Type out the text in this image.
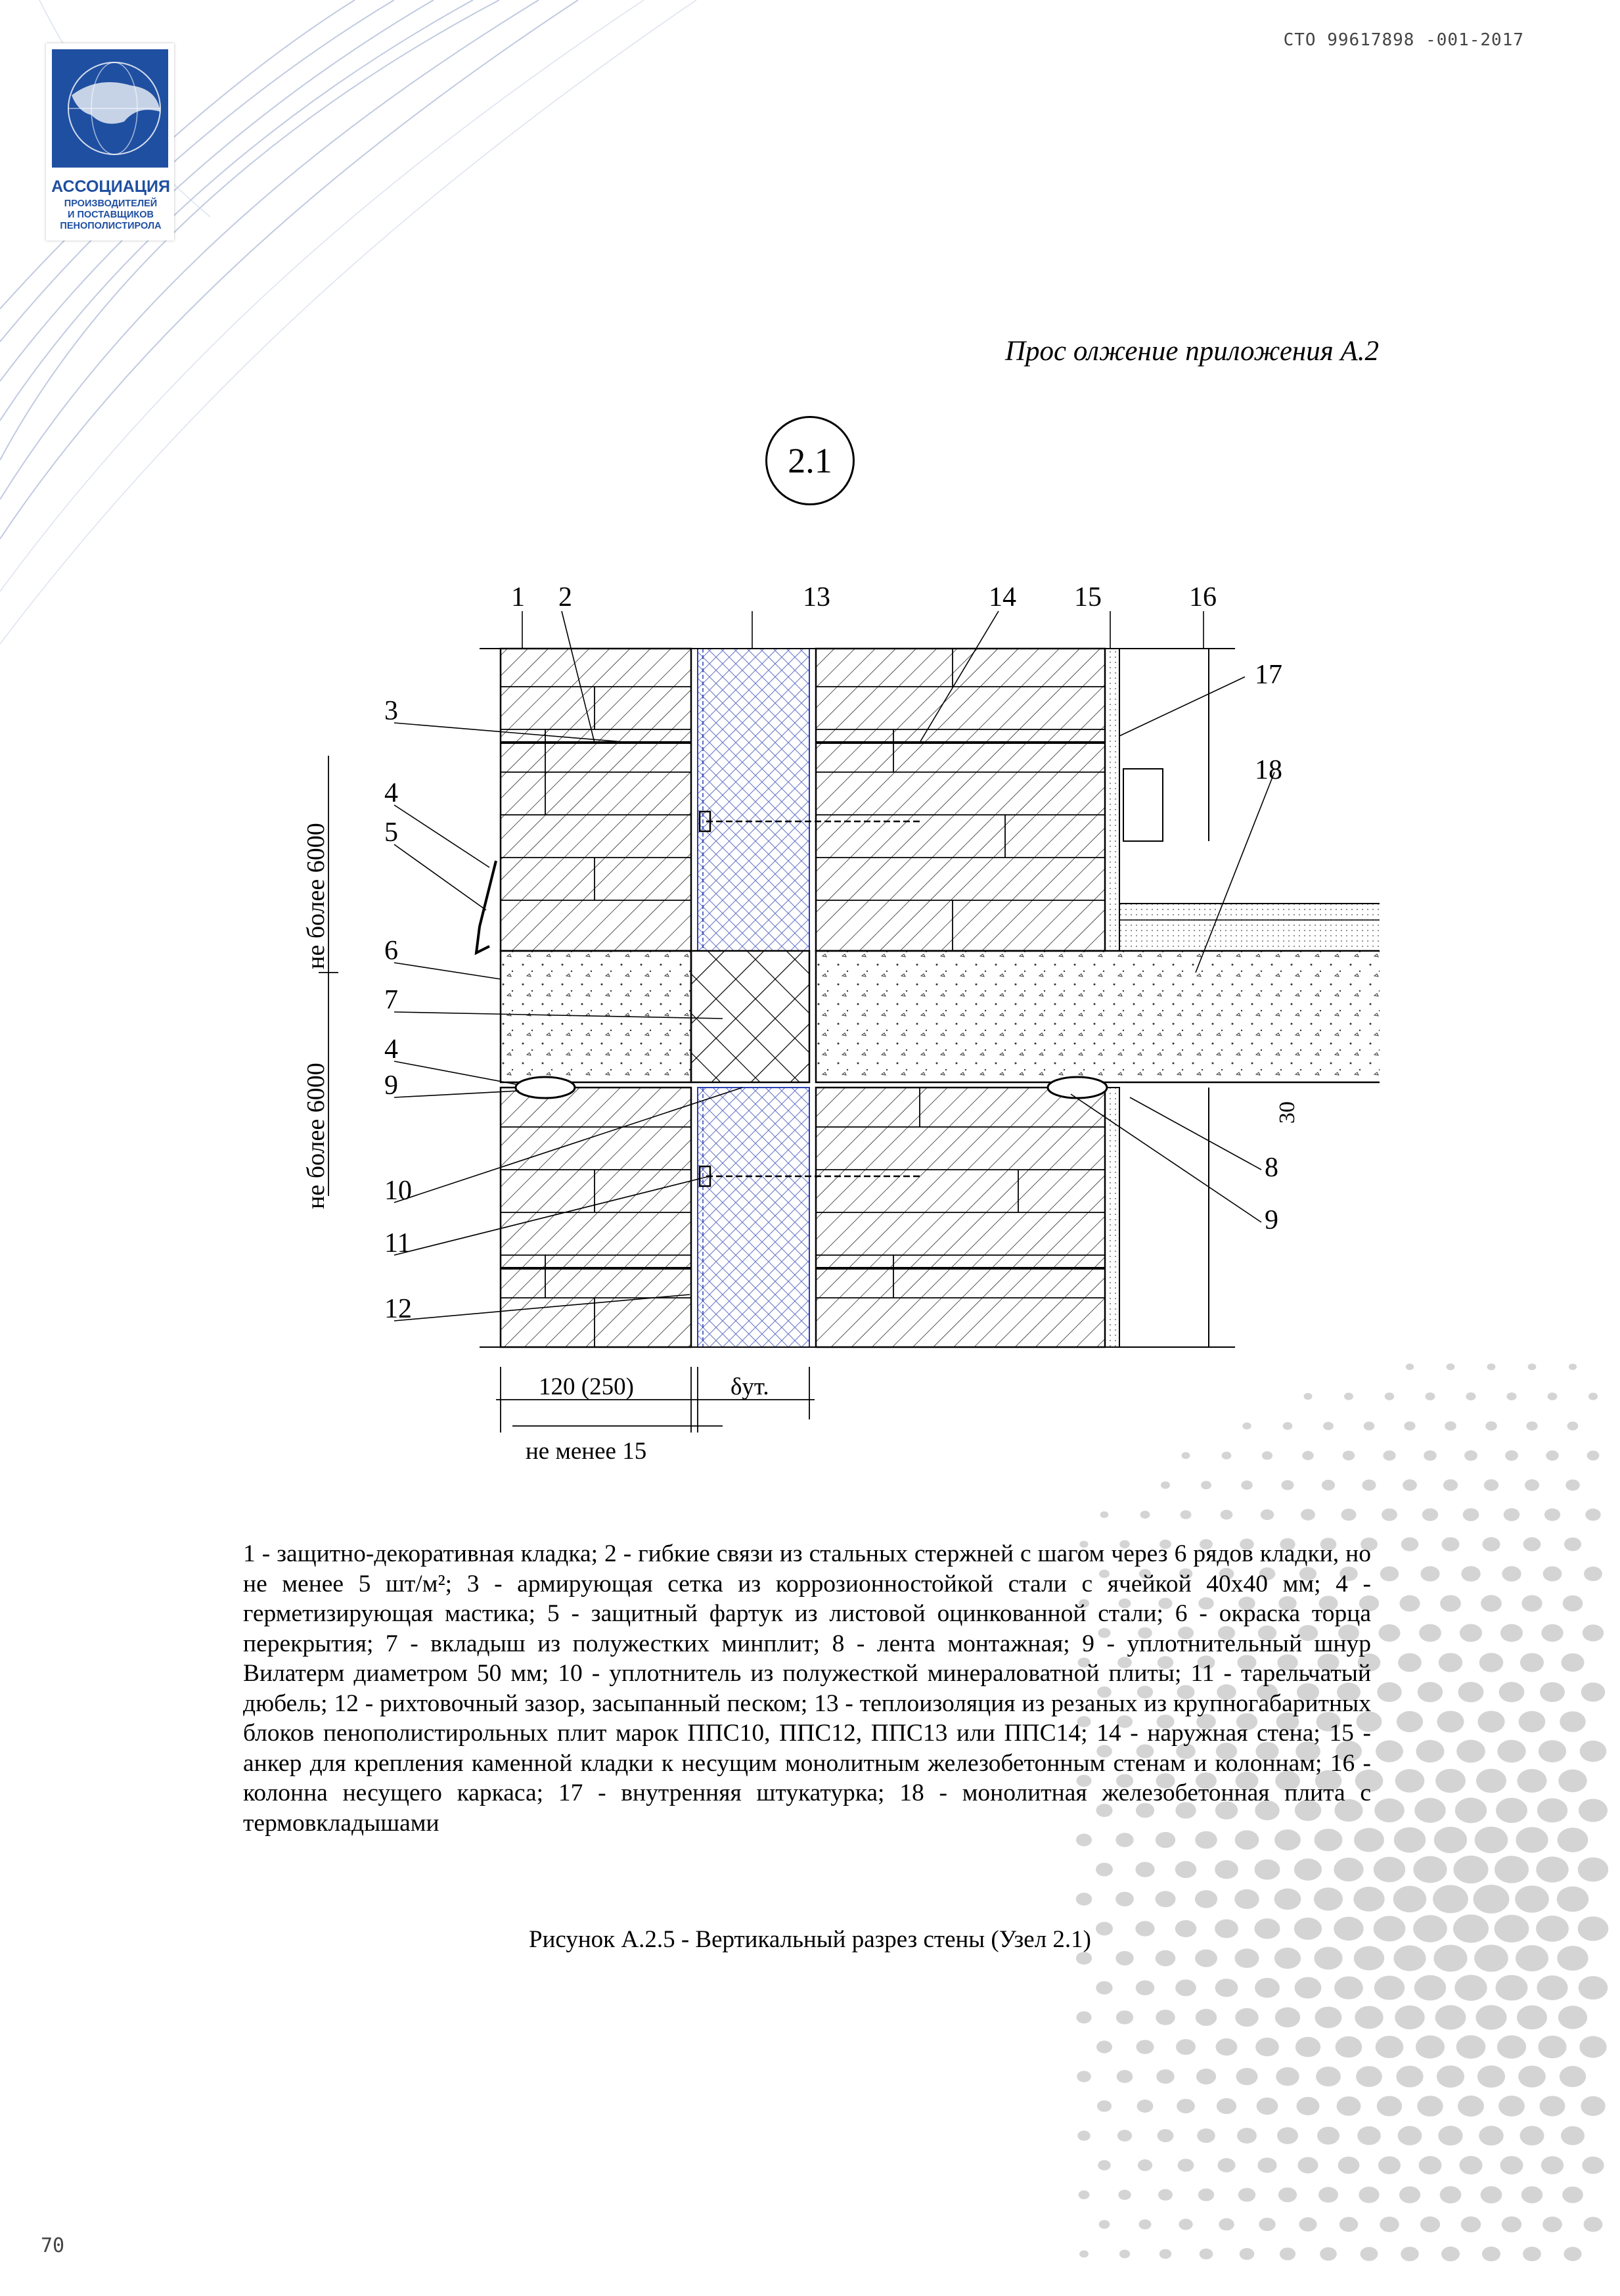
АССОЦИАЦИЯ
ПРОИЗВОДИТЕЛЕЙ
И ПОСТАВЩИКОВ
ПЕНОПОЛИСТИРОЛА
СТО 99617898 -001-2017
Прос олжение приложения А.2
2.1
не более 6000
не более 6000
120 (250)	δут.
не менее 15
30
1 2
3
4
5
6
7
4
9
10
11
12
13	14 15	16
17
18
8
9
1 - защитно-декоративная кладка; 2 - гибкие связи из стальных стержней с шагом через 6 рядов кладки, но не менее 5 шт/м²; 3 - армирующая сетка из коррозионностойкой стали с ячейкой 40х40 мм; 4 - герметизирующая мастика; 5 - защитный фартук из листовой оцинкованной стали; 6 - окраска торца перекрытия; 7 - вкладыш из полужестких минплит; 8 - лента монтажная; 9 - уплотнительный шнур Вилатерм диаметром 50 мм; 10 - уплотнитель из полужесткой минераловатной плиты; 11 - тарельчатый дюбель; 12 - рихтовочный зазор, засыпанный песком; 13 - теплоизоляция из резаных из крупногабаритных блоков пенополистирольных плит марок ППС10, ППС12, ППС13 или ППС14; 14 - наружная стена; 15 - анкер для крепления каменной кладки к несущим монолитным железобетонным стенам и колоннам; 16 - колонна несущего каркаса; 17 - внутренняя штукатурка; 18 - монолитная железобетонная плита с термовкладышами
Рисунок А.2.5 - Вертикальный разрез стены (Узел 2.1)
70
